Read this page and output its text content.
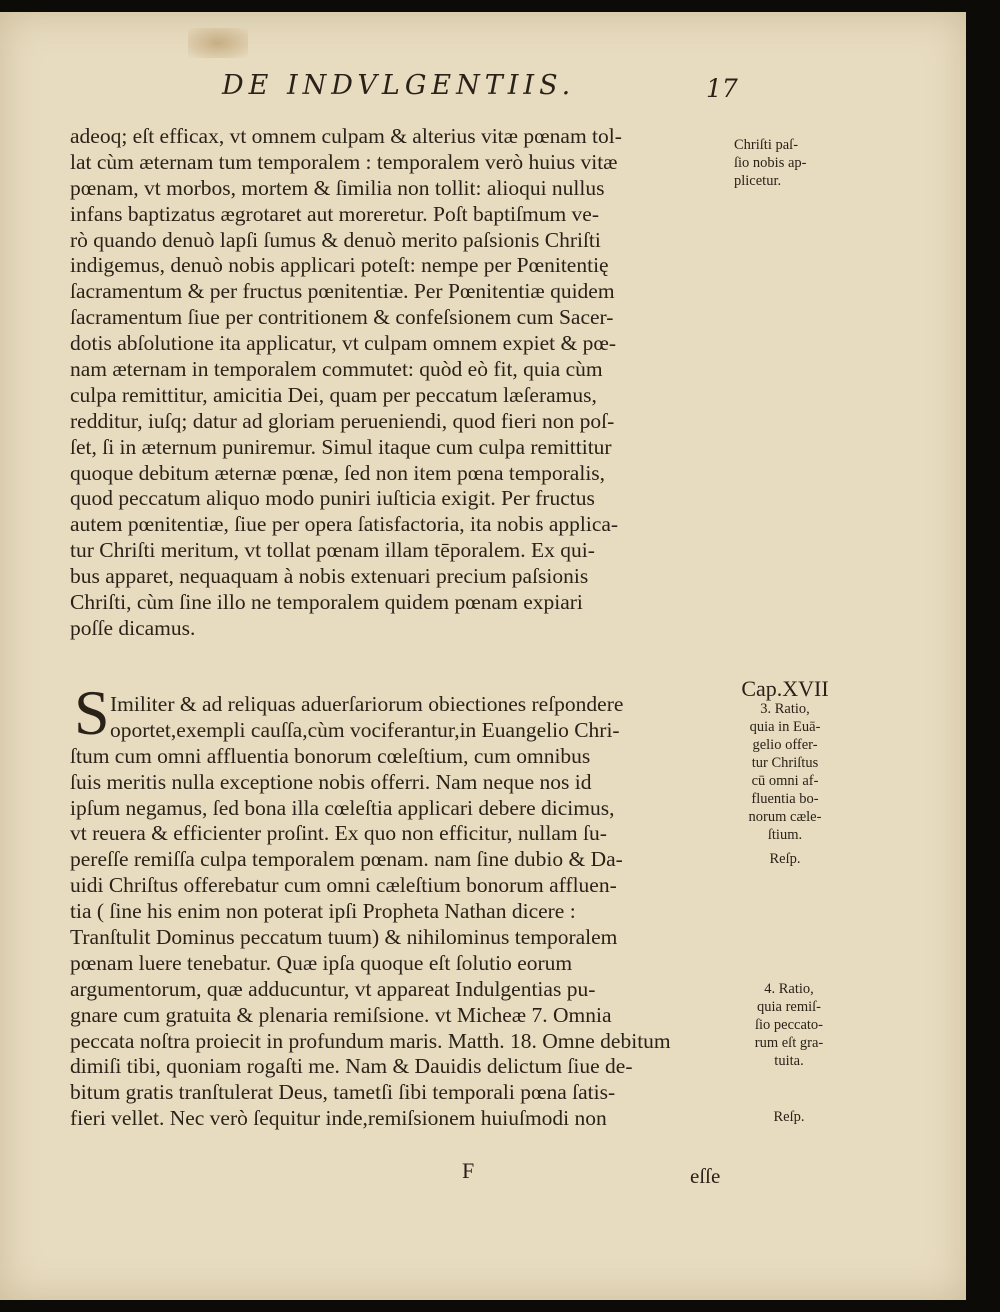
DE INDVLGENTIIS.	17
adeoq; eſt efficax, vt omnem culpam & alterius vitæ pœnam tol-
lat cùm æternam tum temporalem : temporalem verò huius vitæ
pœnam, vt morbos, mortem & ſimilia non tollit: alioqui nullus
infans baptizatus ægrotaret aut moreretur. Poſt baptiſmum ve-
rò quando denuò lapſi ſumus & denuò merito paſsionis Chriſti
indigemus, denuò nobis applicari poteſt: nempe per Pœnitentię
ſacramentum & per fructus pœnitentiæ. Per Pœnitentiæ quidem
ſacramentum ſiue per contritionem & confeſsionem cum Sacer-
dotis abſolutione ita applicatur, vt culpam omnem expiet & pœ-
nam æternam in temporalem commutet: quòd eò fit, quia cùm
culpa remittitur, amicitia Dei, quam per peccatum læſeramus,
redditur, iuſq; datur ad gloriam perueniendi, quod fieri non poſ-
ſet, ſi in æternum puniremur. Simul itaque cum culpa remittitur
quoque debitum æternæ pœnæ, ſed non item pœna temporalis,
quod peccatum aliquo modo puniri iuſticia exigit. Per fructus
autem pœnitentiæ, ſiue per opera ſatisfactoria, ita nobis applica-
tur Chriſti meritum, vt tollat pœnam illam tēporalem. Ex qui-
bus apparet, nequaquam à nobis extenuari precium paſsionis
Chriſti, cùm ſine illo ne temporalem quidem pœnam expiari
poſſe dicamus.
Chriſti paſ-
ſio nobis ap-
plicetur.
S Imiliter & ad reliquas aduerſariorum obiectiones reſpondere
oportet,exempli cauſſa,cùm vociferantur,in Euangelio Chri-
ſtum cum omni affluentia bonorum cœleſtium, cum omnibus
ſuis meritis nulla exceptione nobis offerri. Nam neque nos id
ipſum negamus, ſed bona illa cœleſtia applicari debere dicimus,
vt reuera & efficienter proſint. Ex quo non efficitur, nullam ſu-
pereſſe remiſſa culpa temporalem pœnam. nam ſine dubio & Da-
uidi Chriſtus offerebatur cum omni cæleſtium bonorum affluen-
tia ( ſine his enim non poterat ipſi Propheta Nathan dicere :
Tranſtulit Dominus peccatum tuum) & nihilominus temporalem
pœnam luere tenebatur. Quæ ipſa quoque eſt ſolutio eorum
argumentorum, quæ adducuntur, vt appareat Indulgentias pu-
gnare cum gratuita & plenaria remiſsione. vt Micheæ 7. Omnia
peccata noſtra proiecit in profundum maris. Matth. 18. Omne debitum
dimiſi tibi, quoniam rogaſti me. Nam & Dauidis delictum ſiue de-
bitum gratis tranſtulerat Deus, tametſi ſibi temporali pœna ſatis-
fieri vellet. Nec verò ſequitur inde,remiſsionem huiuſmodi non
Cap.XVII
3. Ratio,
quia in Euā-
gelio offer-
tur Chriſtus
cū omni af-
fluentia bo-
norum cæle-
ſtium.
Reſp.
4. Ratio,
quia remiſ-
ſio peccato-
rum eſt gra-
tuita.
Reſp.
F	eſſe
